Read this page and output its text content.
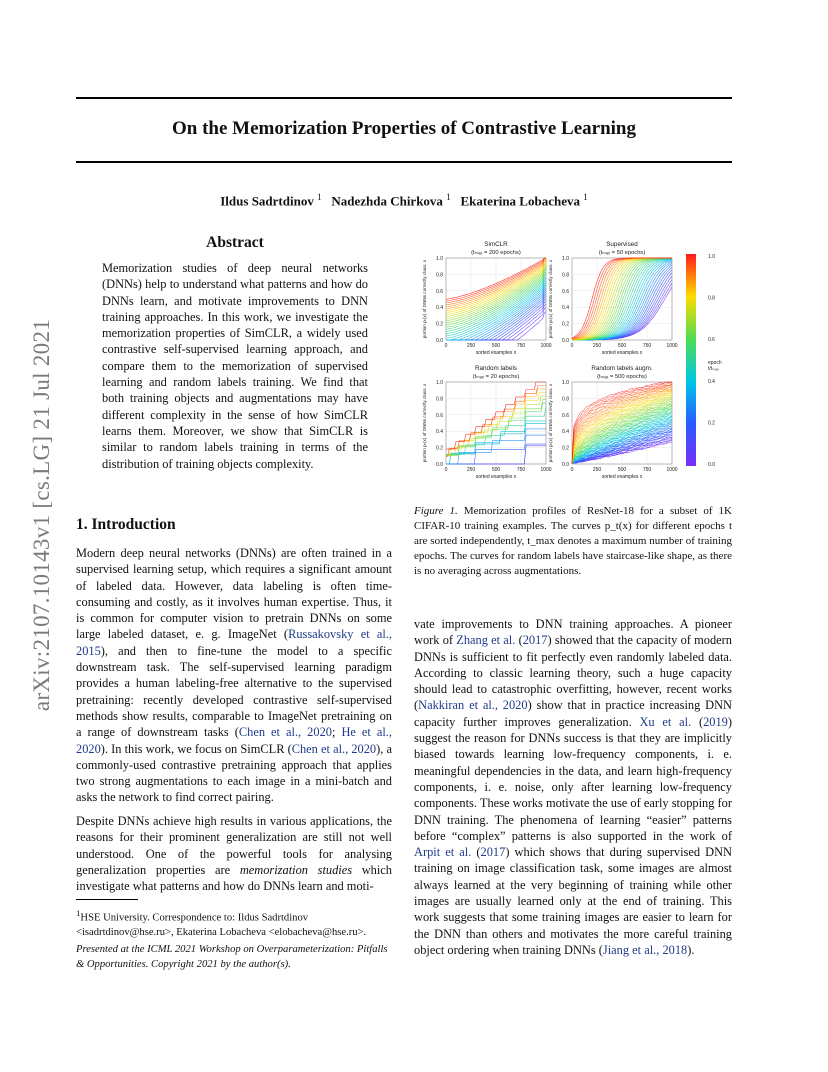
On the Memorization Properties of Contrastive Learning
Ildus Sadrtdinov $^1$ Nadezhda Chirkova $^1$ Ekaterina Lobacheva $^1$
arXiv:2107.10143v1 [cs.LG] 21 Jul 2021
Abstract
Memorization studies of deep neural networks (DNNs) help to understand what patterns and how do DNNs learn, and motivate improvements to DNN training approaches. In this work, we investigate the memorization properties of SimCLR, a widely used contrastive self-supervised learning approach, and compare them to the memorization of supervised learning and random labels training. We find that both training objects and augmentations may have different complexity in the sense of how SimCLR learns them. Moreover, we show that SimCLR is similar to random labels training in terms of the distribution of training objects complexity.
1. Introduction
Modern deep neural networks (DNNs) are often trained in a supervised learning setup, which requires a significant amount of labeled data. However, data labeling is often time-consuming and costly, as it involves human expertise. Thus, it is common for computer vision to pretrain DNNs on some large labeled dataset, e. g. ImageNet (Russakovsky et al., 2015), and then to fine-tune the model to a specific downstream task. The self-supervised learning paradigm provides a human labeling-free alternative to the supervised pretraining: recently developed contrastive self-supervised methods show results, comparable to ImageNet pretraining on a range of downstream tasks (Chen et al., 2020; He et al., 2020). In this work, we focus on SimCLR (Chen et al., 2020), a commonly-used contrastive pretraining approach that applies two strong augmentations to each image in a mini-batch and asks the network to find correct pairing.
Despite DNNs achieve high results in various applications, the reasons for their prominent generalization are still not well understood. One of the powerful tools for analysing generalization properties are memorization studies which investigate what patterns and how do DNNs learn and moti-
$^1$HSE University. Correspondence to: Ildus Sadrtdinov <isadrtdinov@hse.ru>, Ekaterina Lobacheva <elobacheva@hse.ru>.
Presented at the ICML 2021 Workshop on Overparameterization: Pitfalls & Opportunities. Copyright 2021 by the author(s).
SimCLR
(tₘₐₓ = 200 epochs)
0.0
0.2
0.4
0.6
0.8
1.0
0	250	500	750	1000
sorted examples x
portion pₜ(x) of DNNs correctly class. x
Supervised
(tₘₐₓ = 50 epochs)
0.0
0.2
0.4
0.6
0.8
1.0
0	250	500	750	1000
sorted examples x
portion pₜ(x) of DNNs correctly class. x
Random labels
(tₘₐₓ = 20 epochs)
0.0
0.2
0.4
0.6
0.8
1.0
0	250	500	750	1000
sorted examples x
portion pₜ(x) of DNNs correctly class. x
Random labels augm.
(tₘₐₓ = 500 epochs)
0.0
0.2
0.4
0.6
0.8
1.0
0	250	500	750	1000
sorted examples x
portion pₜ(x) of DNNs correctly class. x
1.0
0.8
0.6
0.4
0.2
0.0
epoch
t/tₘₐₓ
Figure 1. Memorization profiles of ResNet-18 for a subset of 1K CIFAR-10 training examples. The curves p_t(x) for different epochs t are sorted independently, t_max denotes a maximum number of training epochs. The curves for random labels have staircase-like shape, as there is no averaging across augmentations.
vate improvements to DNN training approaches. A pioneer work of Zhang et al. (2017) showed that the capacity of modern DNNs is sufficient to fit perfectly even randomly labeled data. According to classic learning theory, such a huge capacity should lead to catastrophic overfitting, however, recent works (Nakkiran et al., 2020) show that in practice increasing DNN capacity further improves generalization. Xu et al. (2019) suggest the reason for DNNs success is that they are implicitly biased towards learning low-frequency components, i. e. meaningful dependencies in the data, and learn high-frequency components, i. e. noise, only after learning low-frequency components. These works motivate the use of early stopping for DNN training. The phenomena of learning “easier” patterns before “complex” patterns is also supported in the work of Arpit et al. (2017) which shows that during supervised DNN training on image classification task, some images are almost always learned at the very beginning of training while other images are usually learned only at the end of training. This work suggests that some training images are easier to learn for the DNN than others and motivates the more careful training object ordering when training DNNs (Jiang et al., 2018).
